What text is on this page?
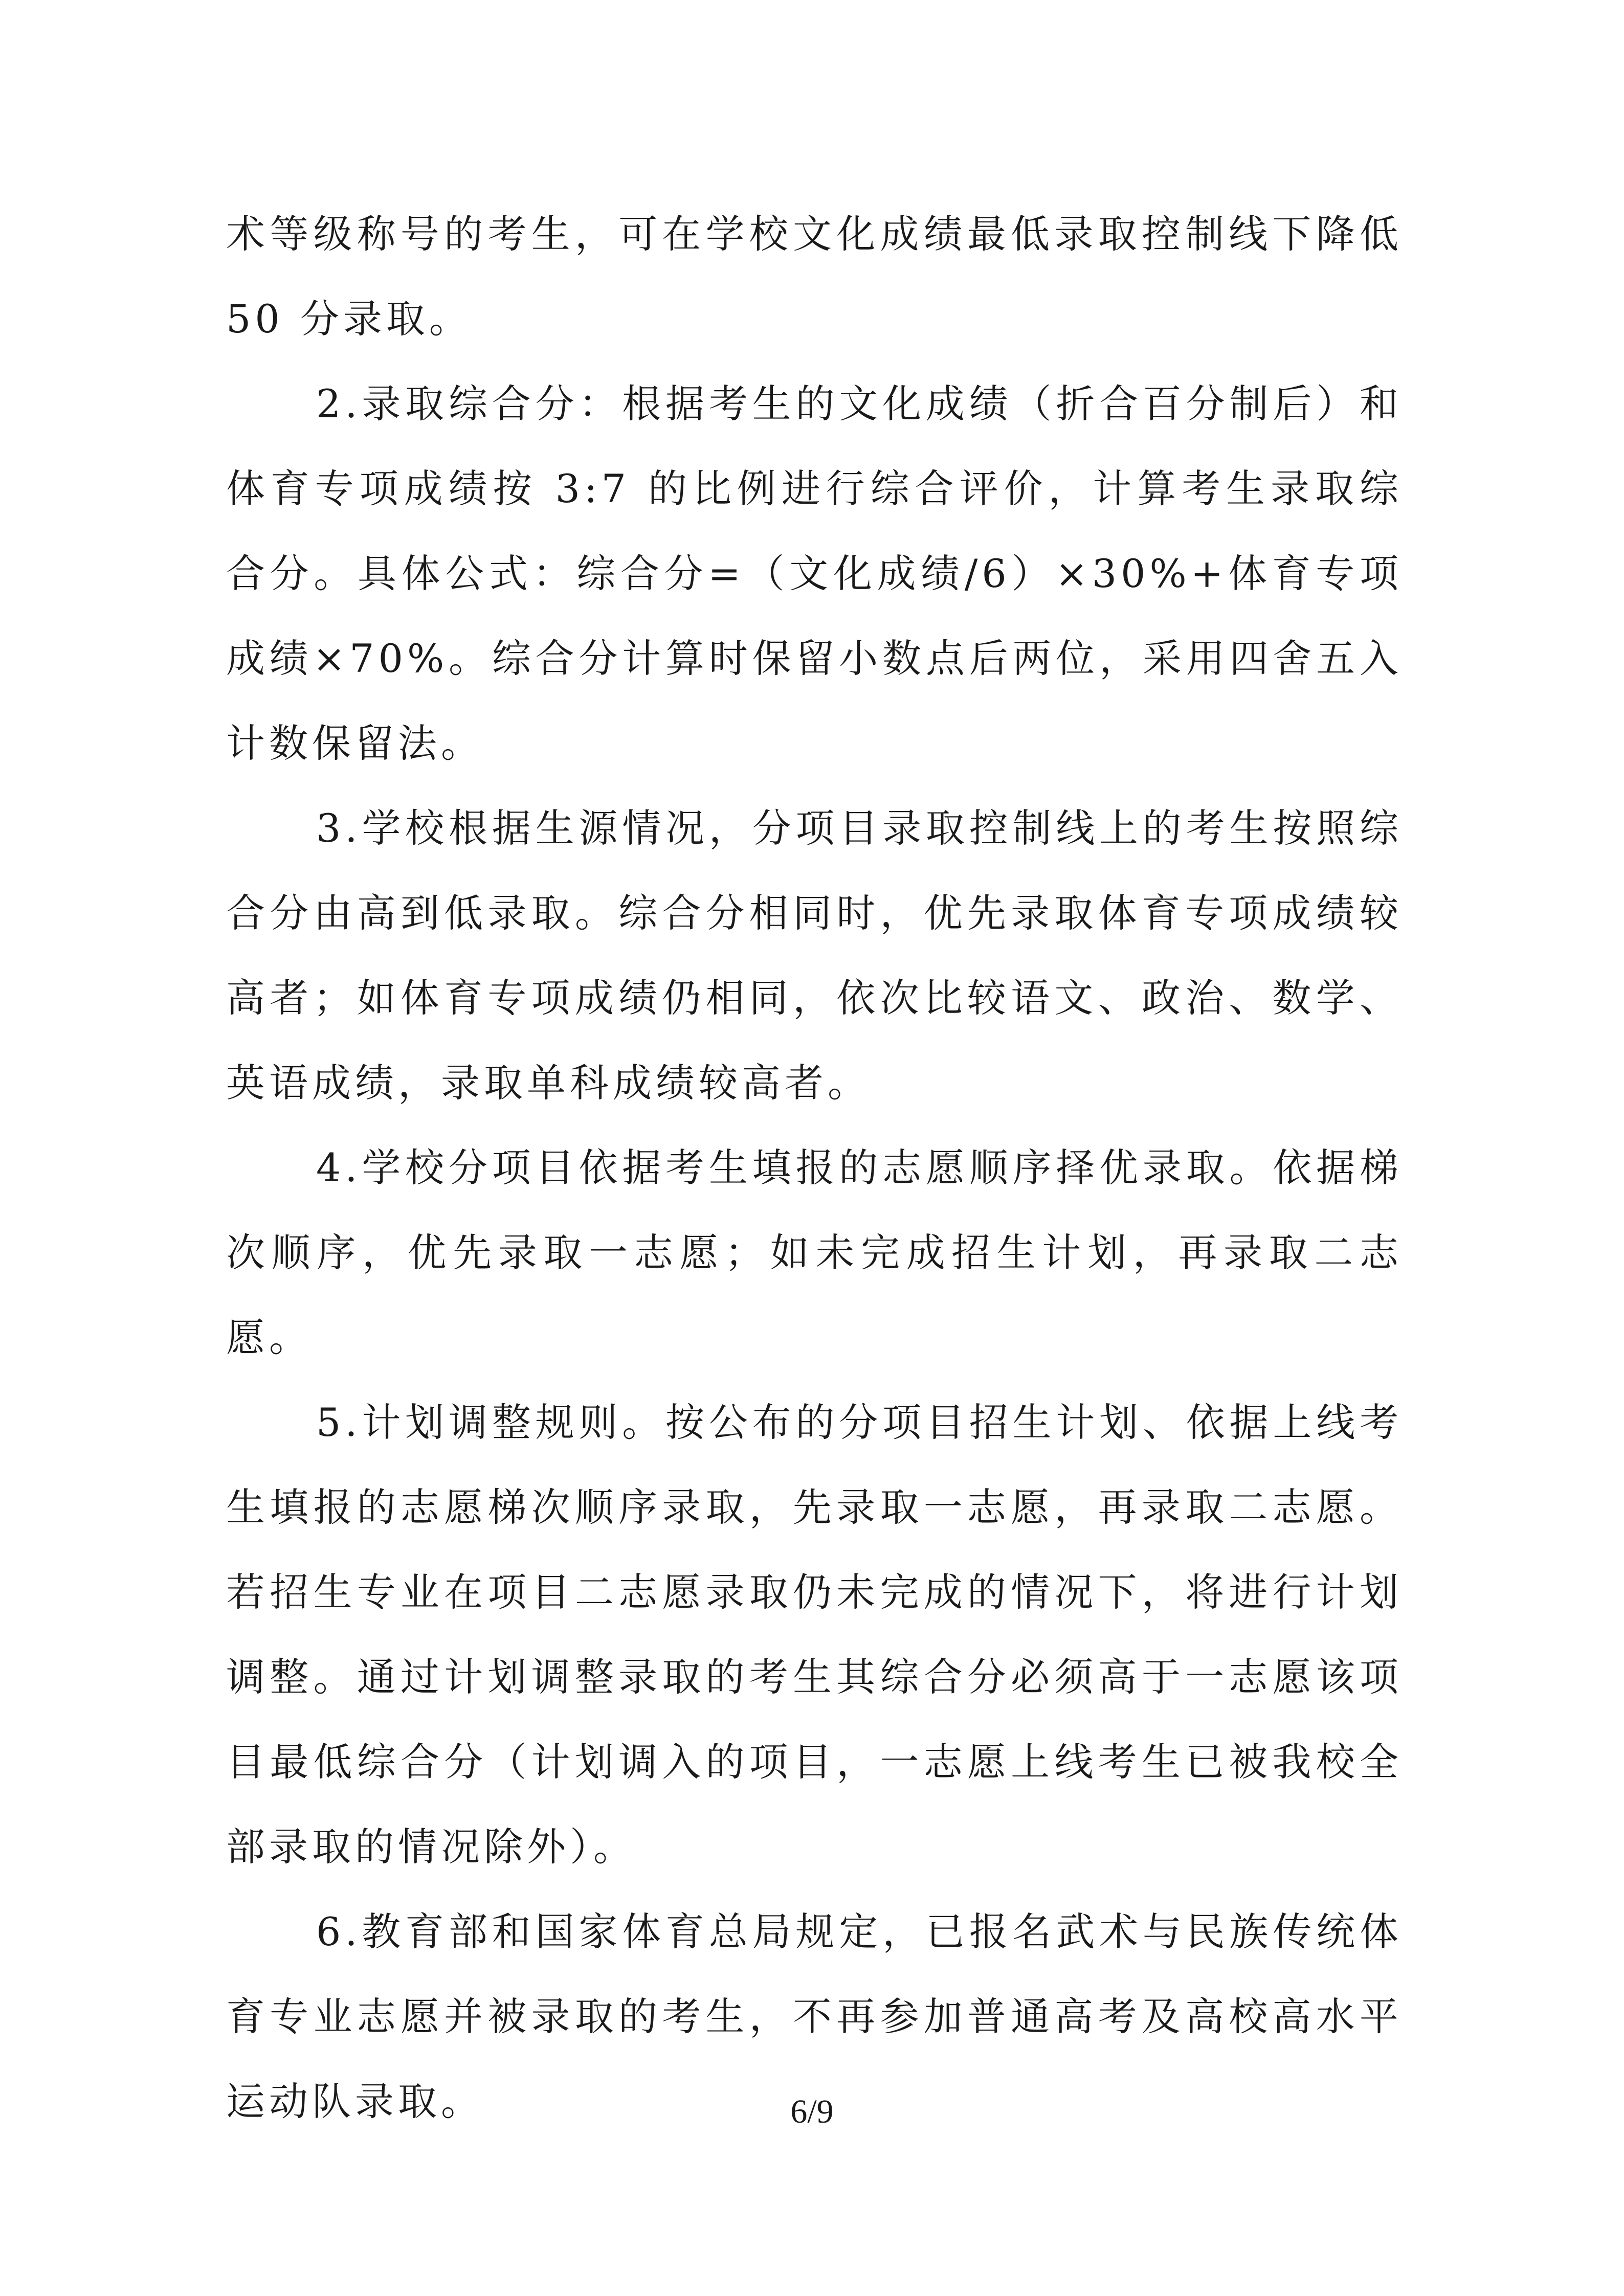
术等级称号的考生，可在学校文化成绩最低录取控制线下降低50 分录取。

2.录取综合分：根据考生的文化成绩（折合百分制后）和体育专项成绩按 3:7 的比例进行综合评价，计算考生录取综合分。具体公式：综合分=（文化成绩/6）×30%+体育专项成绩×70%。综合分计算时保留小数点后两位，采用四舍五入计数保留法。

3.学校根据生源情况，分项目录取控制线上的考生按照综合分由高到低录取。综合分相同时，优先录取体育专项成绩较高者；如体育专项成绩仍相同，依次比较语文、政治、数学、英语成绩，录取单科成绩较高者。

4.学校分项目依据考生填报的志愿顺序择优录取。依据梯次顺序，优先录取一志愿；如未完成招生计划，再录取二志愿。

5.计划调整规则。按公布的分项目招生计划、依据上线考生填报的志愿梯次顺序录取，先录取一志愿，再录取二志愿。若招生专业在项目二志愿录取仍未完成的情况下，将进行计划调整。通过计划调整录取的考生其综合分必须高于一志愿该项目最低综合分（计划调入的项目，一志愿上线考生已被我校全部录取的情况除外）。

6.教育部和国家体育总局规定，已报名武术与民族传统体育专业志愿并被录取的考生，不再参加普通高考及高校高水平运动队录取。	6/9
